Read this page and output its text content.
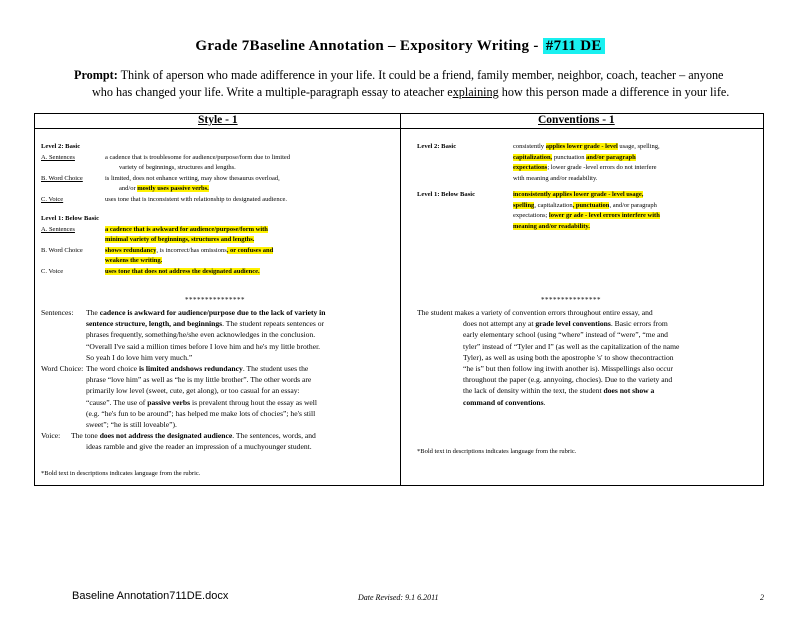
Grade 7Baseline Annotation – Expository Writing - #711 DE

Prompt: Think of aperson who made adifference in your life. It could be a friend, family member, neighbor, coach, teacher – anyone

who has changed your life. Write a multiple-paragraph essay to ateacher explaining how this person made a difference in your life.

Style - 1	Conventions - 1
Level 2: Basic
A. Sentences	a cadence that is troublesome for audience/purpose/form due to limited
variety of beginnings, structures and lengths.
B. Word Choice	is limited, does not enhance writing, may show thesaurus overload,
and/or mostly uses passive verbs.
C. Voice	uses tone that is inconsistent with relationship to designated audience.
Level 1: Below Basic
A. Sentences	a cadence that is awkward for audience/purpose/form with
minimal variety of beginnings, structures and lengths.
B. Word Choice	shows redundancy, is incorrect/has omissions, or confuses and
weakens the writing.
C. Voice	uses tone that does not address the designated audience.
Level 2: Basic	consistently applies lower grade - level usage, spelling,
capitalization, punctuation and/or paragraph
expectations; lower grade -level errors do not interfere
with meaning and/or readability.
Level 1: Below Basic	inconsistently applies lower grade - level usage,
spelling, capitalization, punctuation, and/or paragraph
expectations; lower gr ade - level errors interfere with
meaning and/or readability.
***************	***************
Sentences: The cadence is awkward for audience/purpose due to the lack of variety in
sentence structure, length, and beginnings. The student repeats sentences or
phrases frequently, something/he/she even acknowledges in the conclusion.
“Overall I've said a million times before I love him and he's my little brother.
So yeah I do love him very much.”
Word Choice: The word choice is limited andshows redundancy. The student uses the
phrase “love him” as well as “he is my little brother”. The other words are
primarily low level (sweet, cute, get along), or too casual for an essay:
“cause”. The use of passive verbs is prevalent throug hout the essay as well
(e.g. “he's fun to be around”; has helped me make lots of chocies”; he's still
sweet”; “he is still loveable”).
Voice: The tone does not address the designated audience. The sentences, words, and
ideas ramble and give the reader an impression of a muchyounger student.
*Bold text in descriptions indicates language from the rubric.
The student makes a variety of convention errors throughout entire essay, and
does not attempt any at grade level conventions. Basic errors from
early elementary school (using “where” instead of “were”, “me and
tyler” instead of “Tyler and I” (as well as the capitalization of the name
Tyler), as well as using both the apostrophe 's' to show thecontraction
“he is” but then follow ing itwith another is). Misspellings also occur
throughout the paper (e.g. annyoing, chocies). Due to the variety and
the lack of density within the text, the student does not show a
command of conventions.
*Bold text in descriptions indicates language from the rubric.
Baseline Annotation711DE.docx	Date Revised: 9.1 6.2011	2
